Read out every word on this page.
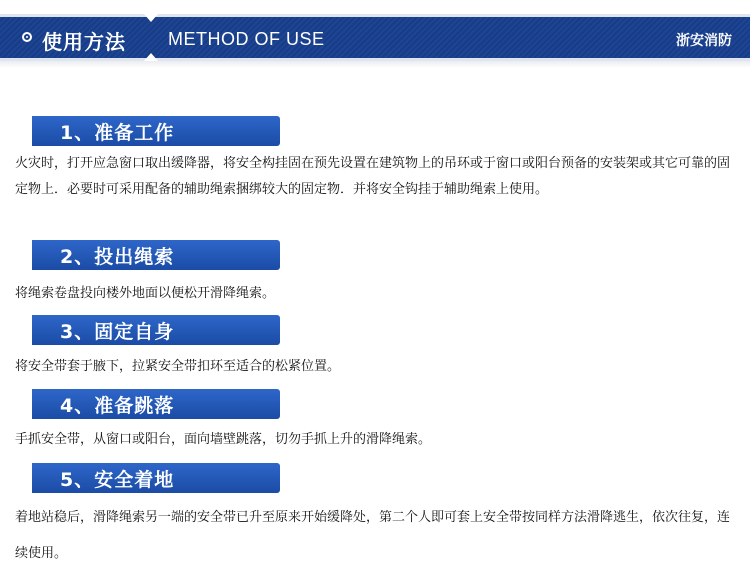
使用方法 METHOD OF USE	浙安消防
1、准备工作
火灾时，打开应急窗口取出缓降器，将安全构挂固在预先设置在建筑物上的吊环或于窗口或阳台预备的安装架或其它可靠的固定物上．必要时可采用配备的辅助绳索捆绑较大的固定物．并将安全钩挂于辅助绳索上使用。
2、投出绳索
将绳索卷盘投向楼外地面以便松开滑降绳索。
3、固定自身
将安全带套于腋下，拉紧安全带扣环至适合的松紧位置。
4、准备跳落
手抓安全带，从窗口或阳台，面向墙壁跳落，切勿手抓上升的滑降绳索。
5、安全着地
着地站稳后，滑降绳索另一端的安全带已升至原来开始缓降处，第二个人即可套上安全带按同样方法滑降逃生，依次往复，连续使用。
